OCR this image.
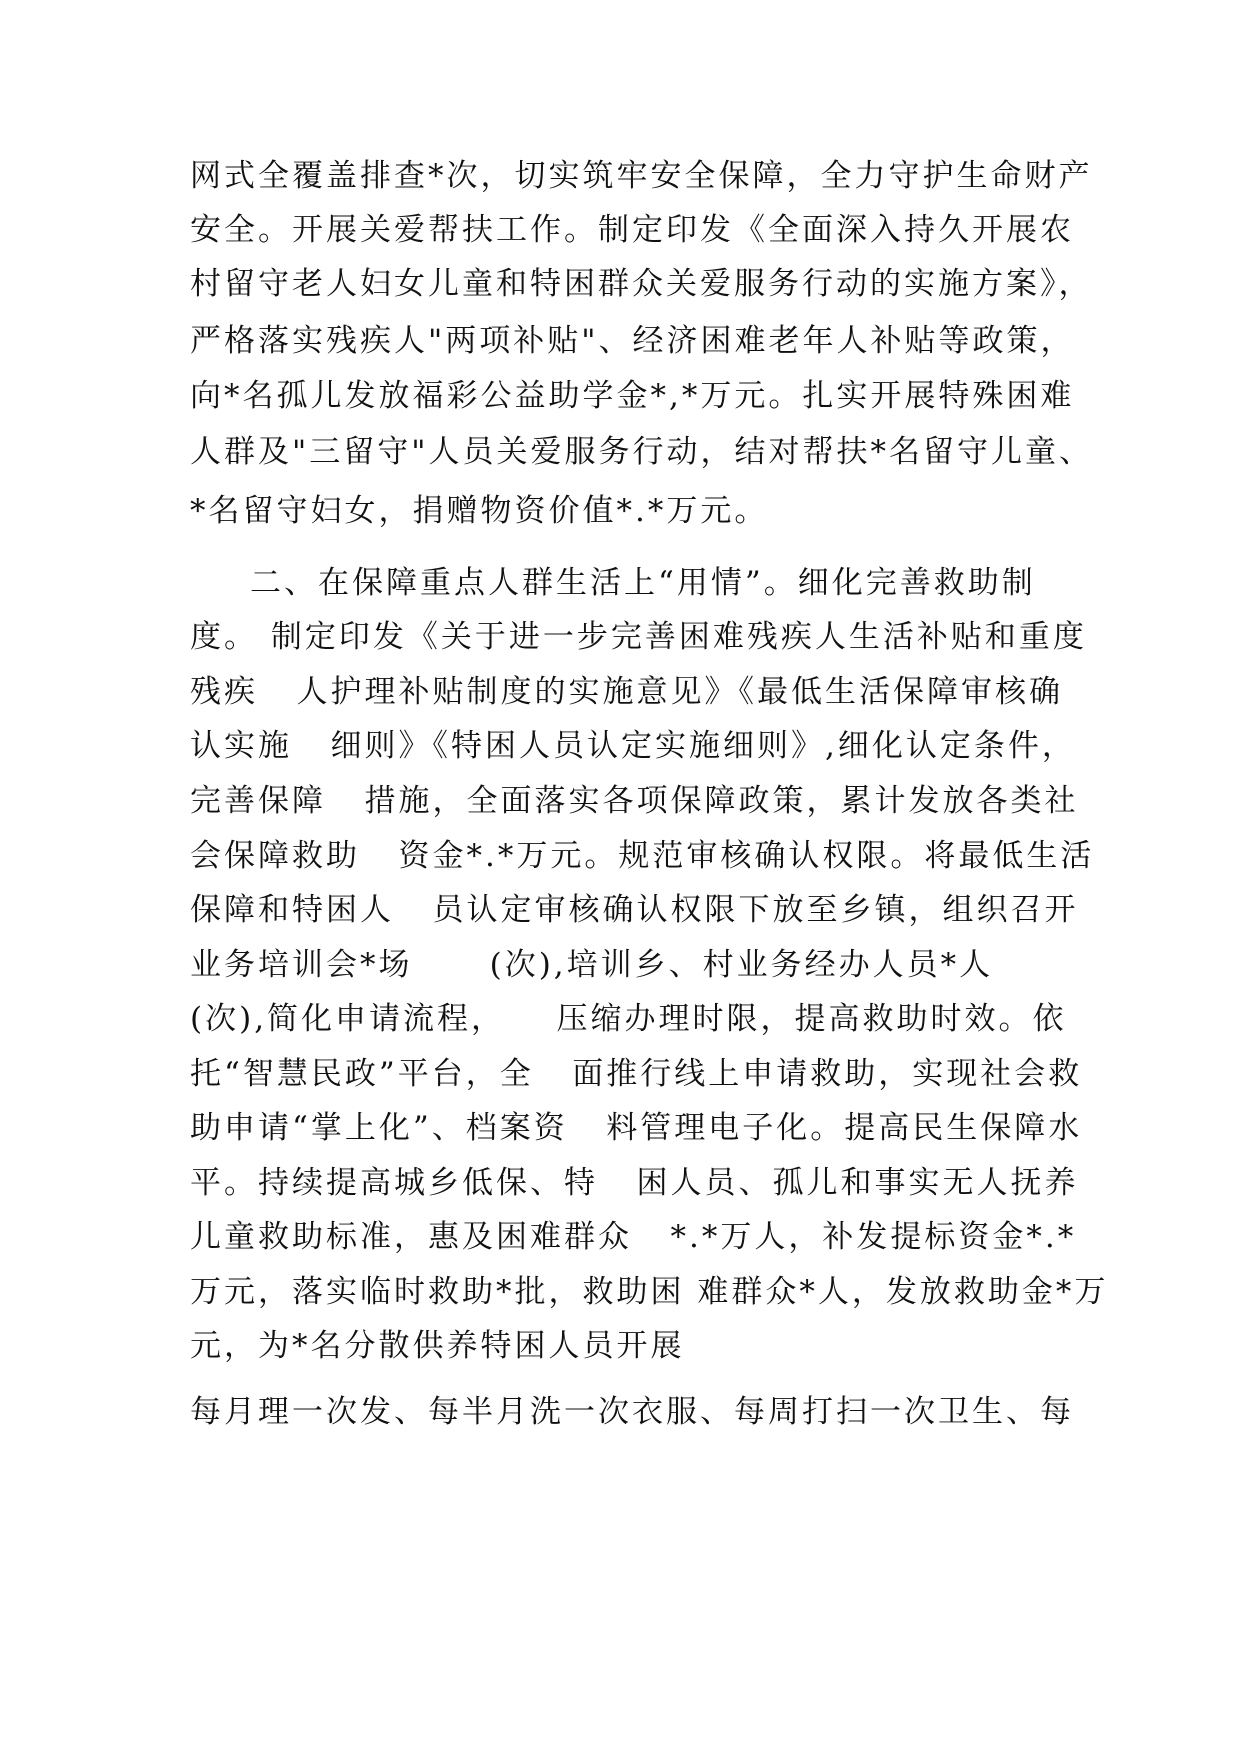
网式全覆盖排查*次，切实筑牢安全保障，全力守护生命财产
安全。开展关爱帮扶工作。制定印发《全面深入持久开展农
村留守老人妇女儿童和特困群众关爱服务行动的实施方案》，
严格落实残疾人"两项补贴"、经济困难老年人补贴等政策，
向*名孤儿发放福彩公益助学金*,*万元。扎实开展特殊困难
人群及"三留守"人员关爱服务行动，结对帮扶*名留守儿童、
*名留守妇女，捐赠物资价值*.*万元。
二、在保障重点人群生活上“用情”。细化完善救助制
度。 制定印发《关于进一步完善困难残疾人生活补贴和重度
残疾   人护理补贴制度的实施意见》《最低生活保障审核确
认实施   细则》《特困人员认定实施细则》,细化认定条件，
完善保障   措施，全面落实各项保障政策，累计发放各类社
会保障救助   资金*.*万元。规范审核确认权限。将最低生活
保障和特困人   员认定审核确认权限下放至乡镇，组织召开
业务培训会*场      (次),培训乡、村业务经办人员*人
(次),简化申请流程，    压缩办理时限，提高救助时效。依
托“智慧民政”平台，全   面推行线上申请救助，实现社会救
助申请“掌上化”、档案资   料管理电子化。提高民生保障水
平。持续提高城乡低保、特   困人员、孤儿和事实无人抚养
儿童救助标准，惠及困难群众   *.*万人，补发提标资金*.*
万元，落实临时救助*批，救助困 难群众*人，发放救助金*万
元，为*名分散供养特困人员开展
每月理一次发、每半月洗一次衣服、每周打扫一次卫生、每
